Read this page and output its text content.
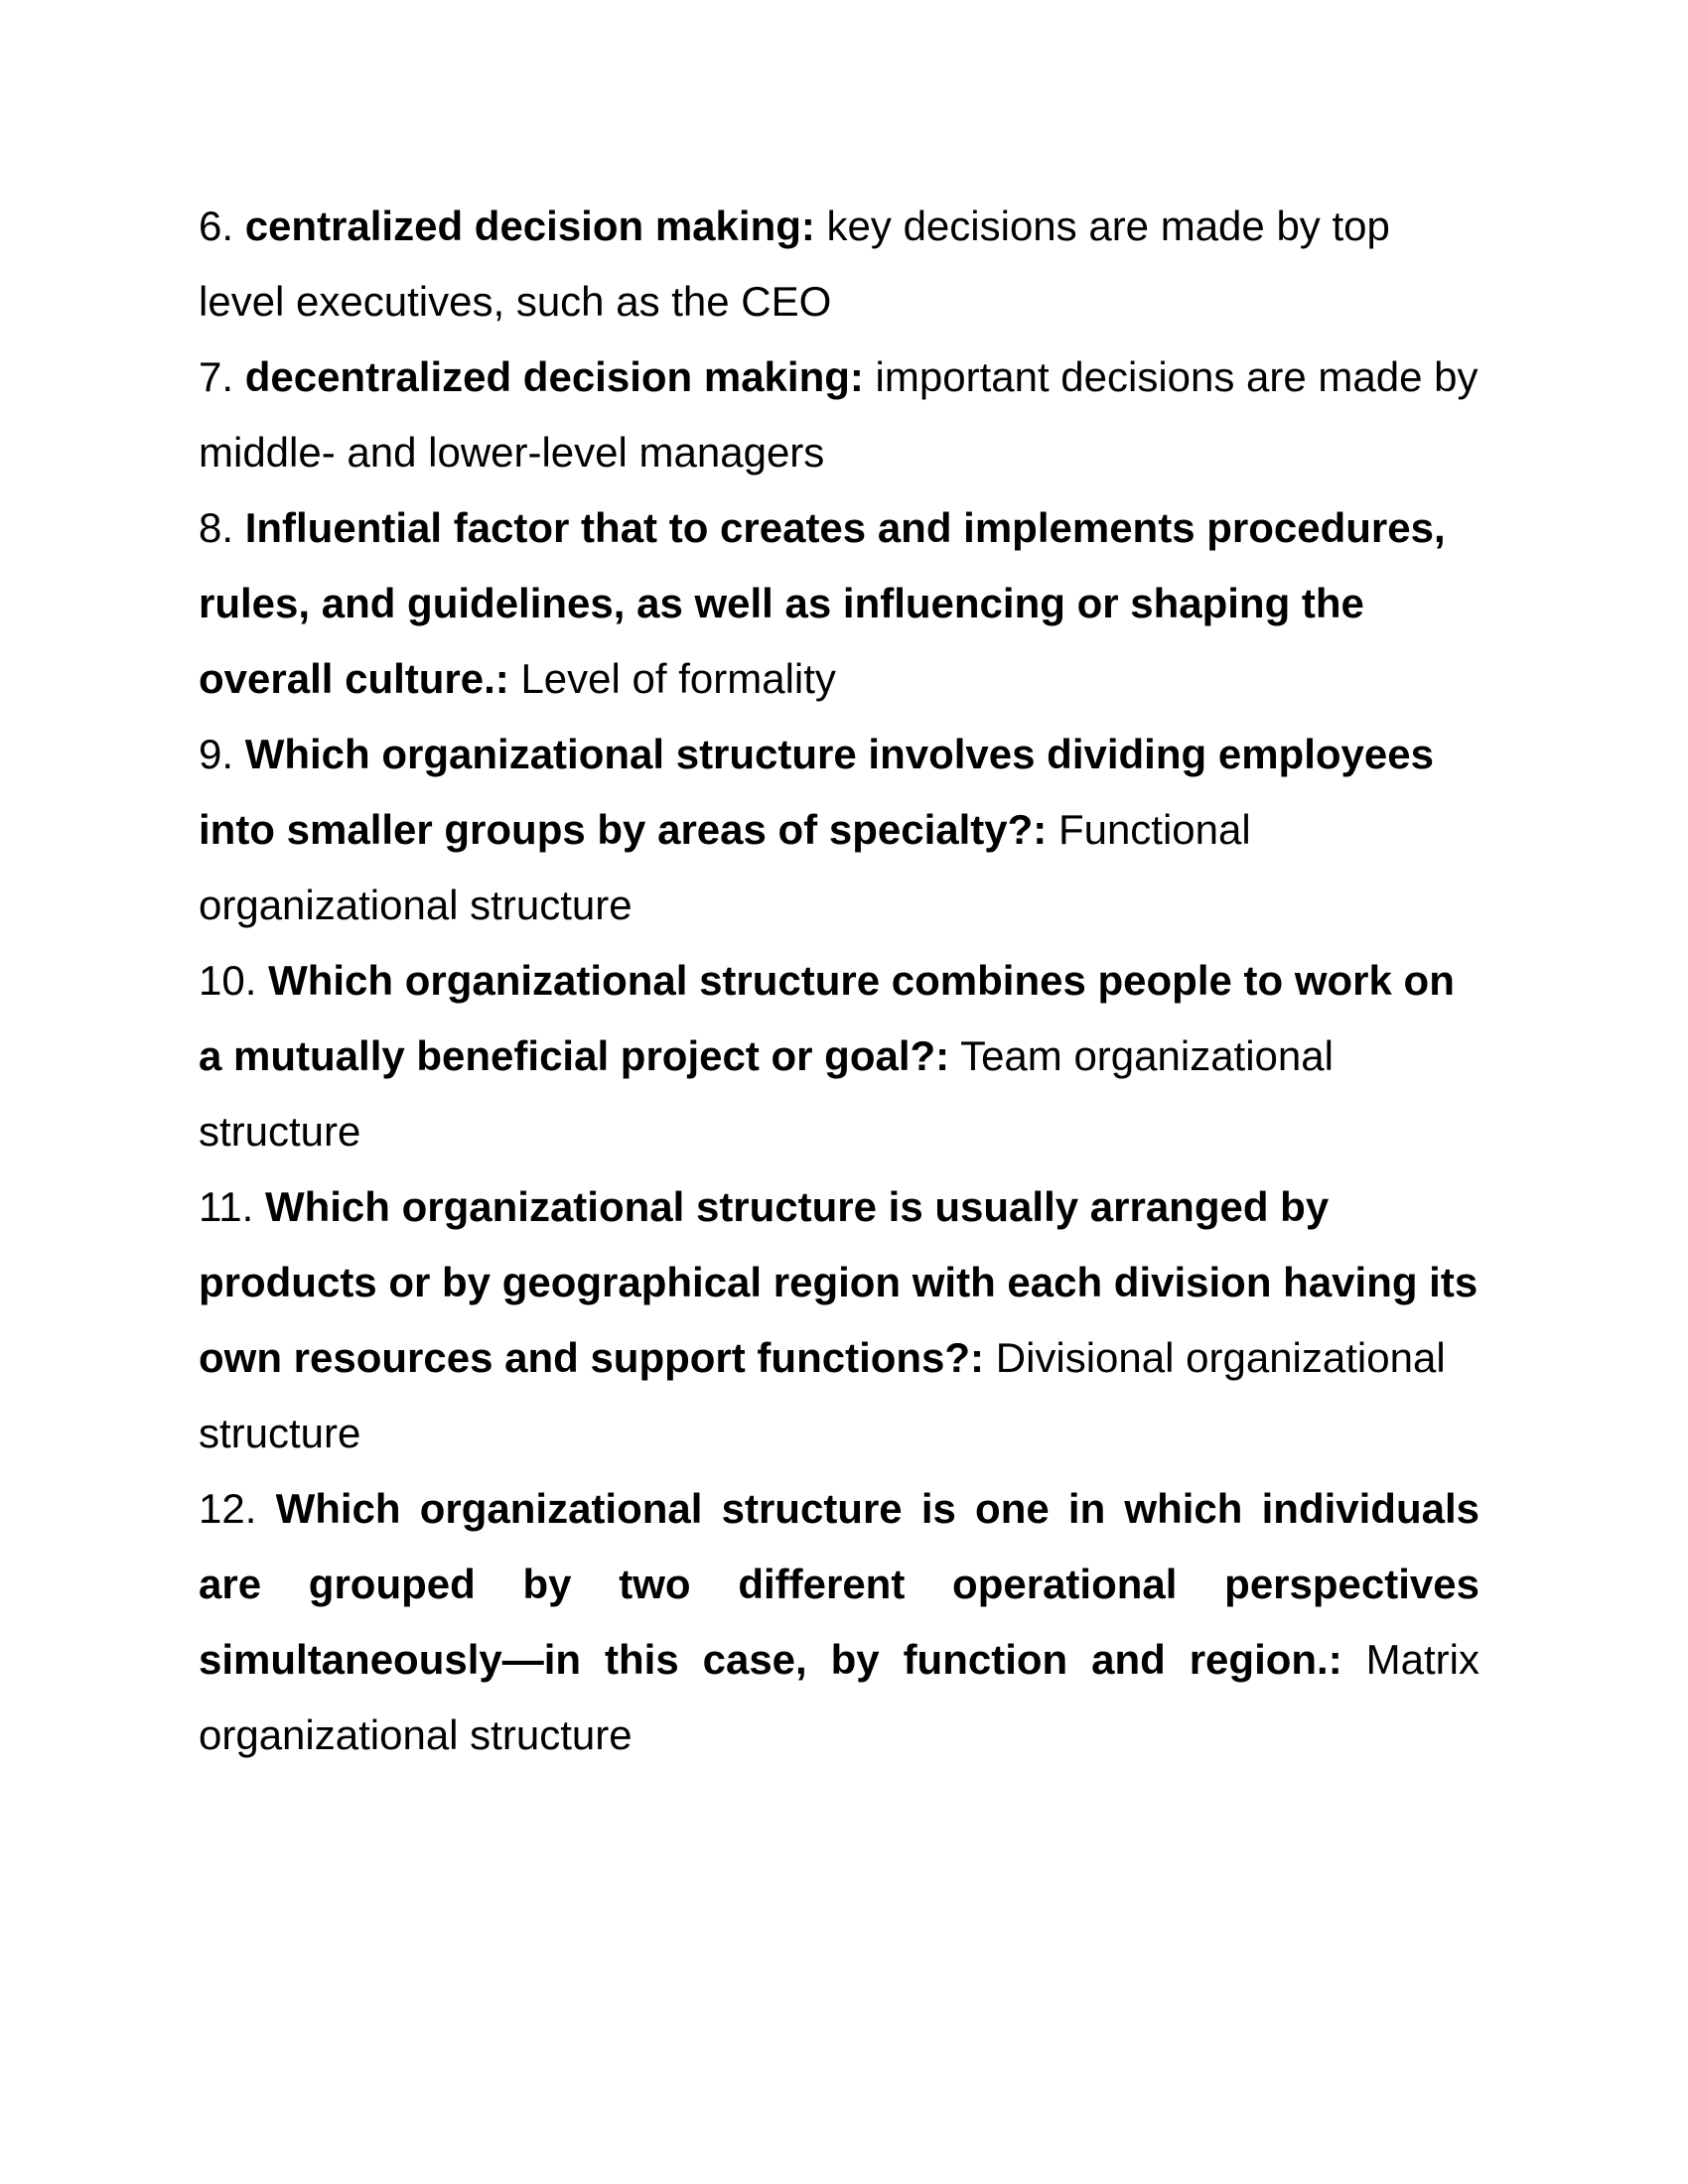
6. centralized decision making: key decisions are made by top level executives, such as the CEO

7. decentralized decision making: important decisions are made by middle- and lower-level managers

8. Influential factor that to creates and implements procedures, rules, and guidelines, as well as influencing or shaping the overall culture.: Level of formality

9. Which organizational structure involves dividing employees into smaller groups by areas of specialty?: Functional organizational structure

10. Which organizational structure combines people to work on a mutually beneficial project or goal?: Team organizational structure

11. Which organizational structure is usually arranged by products or by geographical region with each division having its own resources and support functions?: Divisional organizational structure

12. Which organizational structure is one in which individuals are grouped by two different operational perspectives simultaneously—in this case, by function and region.: Matrix organizational structure
